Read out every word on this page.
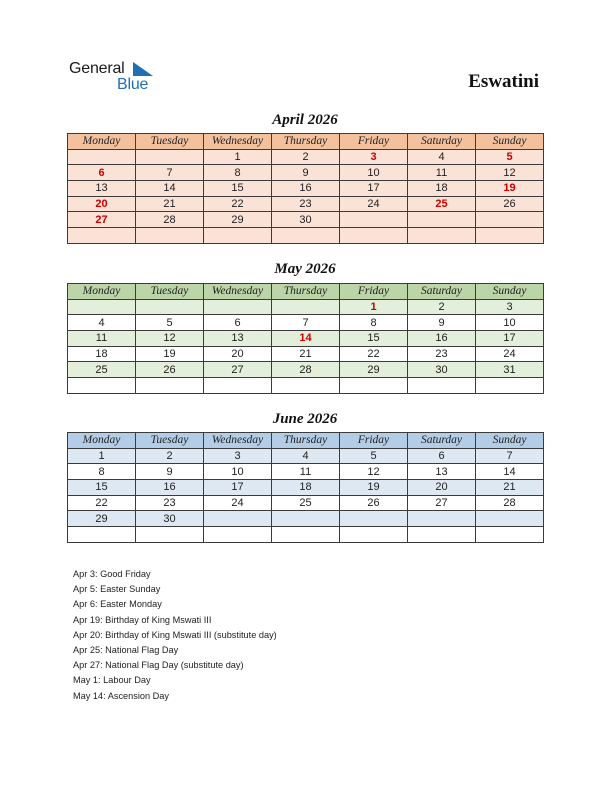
General
Blue	Eswatini
April 2026
Monday	Tuesday	Wednesday	Thursday	Friday	Saturday	Sunday
		1	2	3	4	5
6	7	8	9	10	11	12
13	14	15	16	17	18	19
20	21	22	23	24	25	26
27	28	29	30			

May 2026
Monday	Tuesday	Wednesday	Thursday	Friday	Saturday	Sunday
				1	2	3
4	5	6	7	8	9	10
11	12	13	14	15	16	17
18	19	20	21	22	23	24
25	26	27	28	29	30	31

June 2026
Monday	Tuesday	Wednesday	Thursday	Friday	Saturday	Sunday
1	2	3	4	5	6	7
8	9	10	11	12	13	14
15	16	17	18	19	20	21
22	23	24	25	26	27	28
29	30					

Apr 3: Good Friday
Apr 5: Easter Sunday
Apr 6: Easter Monday
Apr 19: Birthday of King Mswati III
Apr 20: Birthday of King Mswati III (substitute day)
Apr 25: National Flag Day
Apr 27: National Flag Day (substitute day)
May 1: Labour Day
May 14: Ascension Day
